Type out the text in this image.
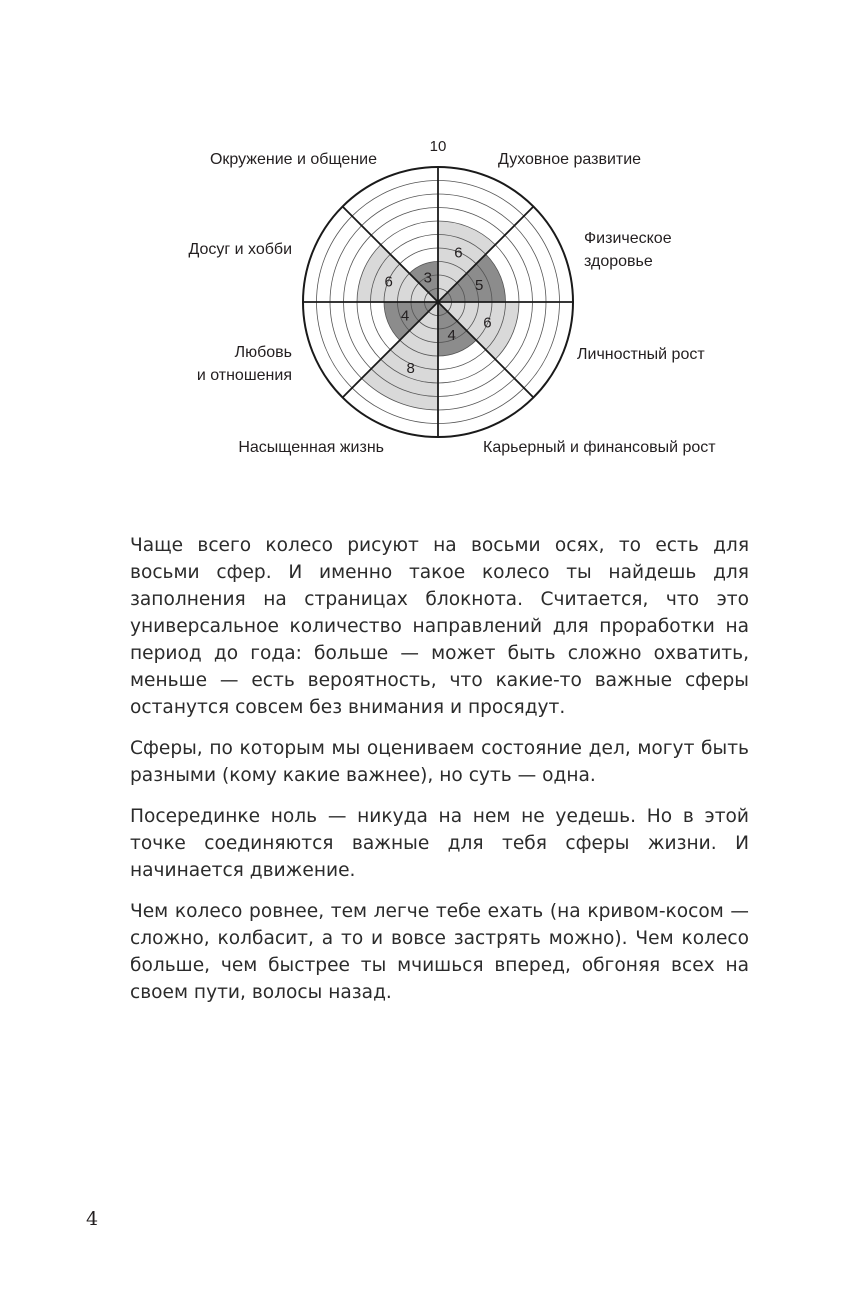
6 3
6
5
6
4
8
4
10
Окружение и общение	Духовное развитие
Физическое
здоровье
Личностный рост
Карьерный и финансовый рост
Насыщенная жизнь
Любовь
и отношения
Досуг и хобби

Чаще всего колесо рисуют на восьми осях, то есть для восьми сфер. И именно такое колесо ты найдешь для заполнения на страницах блокнота. Считается, что это универсальное количество направлений для проработки на период до года: больше — может быть сложно охватить, меньше — есть вероятность, что какие-то важные сферы останутся совсем без внимания и просядут.

Сферы, по которым мы оцениваем состояние дел, могут быть разными (кому какие важнее), но суть — одна.

Посерединке ноль — никуда на нем не уедешь. Но в этой точке соединяются важные для тебя сферы жизни. И начинается движение.

Чем колесо ровнее, тем легче тебе ехать (на кривом-косом — сложно, колбасит, а то и вовсе застрять можно). Чем колесо больше, чем быстрее ты мчишься вперед, обгоняя всех на своем пути, волосы назад.

4
